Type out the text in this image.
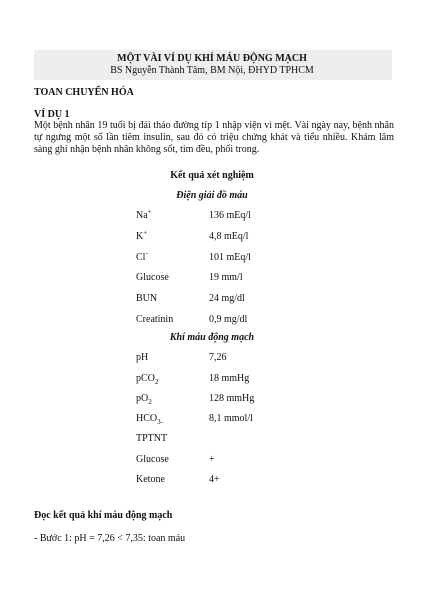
MỘT VÀI VÍ DỤ KHÍ MÁU ĐỘNG MẠCH
BS Nguyễn Thành Tâm, BM Nội, ĐHYD TPHCM
TOAN CHUYỂN HÓA
VÍ DỤ 1
Một bệnh nhân 19 tuổi bị đái tháo đường típ 1 nhập viện vì mệt. Vài ngày nay, bệnh nhân tự ngưng một số lần tiêm insulin, sau đó có triệu chứng khát và tiểu nhiều. Khám lâm sàng ghi nhận bệnh nhân không sốt, tim đều, phổi trong.
Kết quả xét nghiệm
Điện giải đồ máu
Na+	136 mEq/l
K+	4,8 mEq/l
Cl-	101 mEq/l
Glucose	19 mm/l
BUN	24 mg/dl
Creatinin	0,9 mg/dl
Khí máu động mạch
pH	7,26
pCO$_2$	18 mmHg
$pO_2$	128 mmHg
$HCO_{3-}$	8,1 mmol/l
TPTNT
Glucose	+
Ketone	4+
Đọc kết quả khí máu động mạch
- Bước 1: pH = 7,26 < 7,35: toan máu
